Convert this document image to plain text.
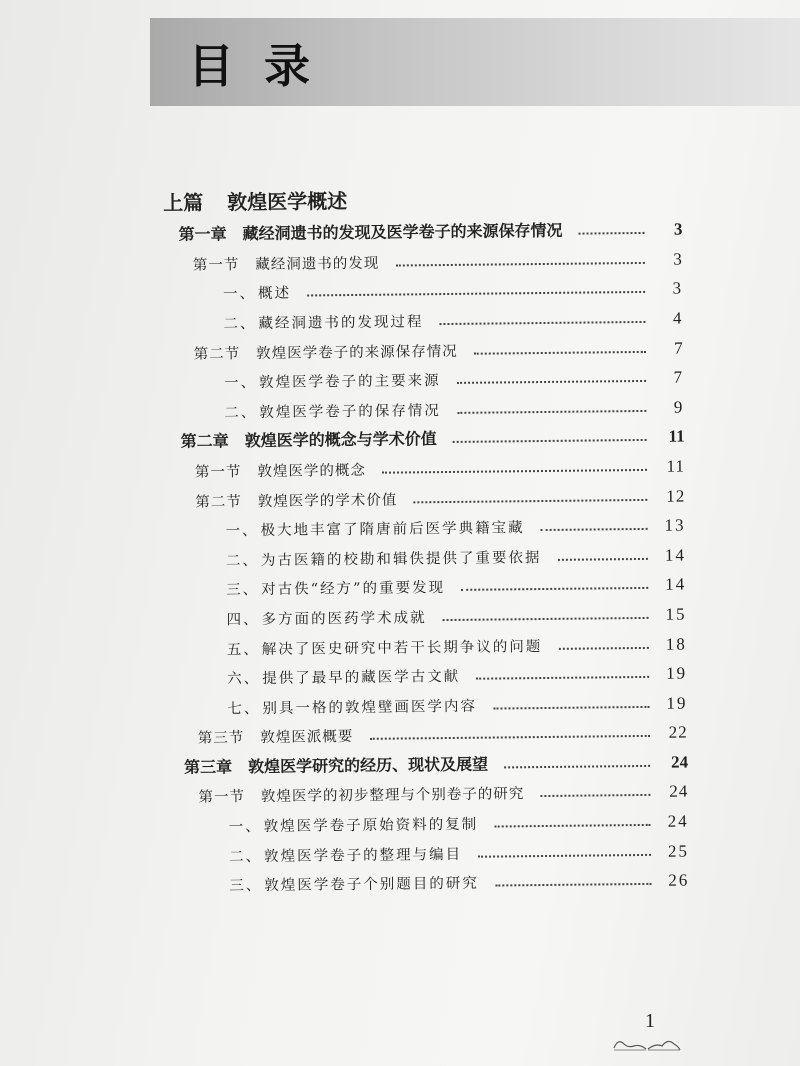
目录
上篇 敦煌医学概述
第一章 藏经洞遗书的发现及医学卷子的来源保存情况	3
第一节 藏经洞遗书的发现	3
一、 概述	3
二、 藏经洞遗书的发现过程	4
第二节 敦煌医学卷子的来源保存情况	7
一、 敦煌医学卷子的主要来源	7
二、 敦煌医学卷子的保存情况	9
第二章 敦煌医学的概念与学术价值	11
第一节 敦煌医学的概念	11
第二节 敦煌医学的学术价值	12
一、 极大地丰富了隋唐前后医学典籍宝藏	13
二、 为古医籍的校勘和辑佚提供了重要依据	14
三、 对古佚“经方”的重要发现	14
四、 多方面的医药学术成就	15
五、 解决了医史研究中若干长期争议的问题	18
六、 提供了最早的藏医学古文献	19
七、 别具一格的敦煌壁画医学内容	19
第三节 敦煌医派概要	22
第三章 敦煌医学研究的经历、现状及展望	24
第一节 敦煌医学的初步整理与个别卷子的研究	24
一、 敦煌医学卷子原始资料的复制	24
二、 敦煌医学卷子的整理与编目	25
三、 敦煌医学卷子个别题目的研究	26
1
